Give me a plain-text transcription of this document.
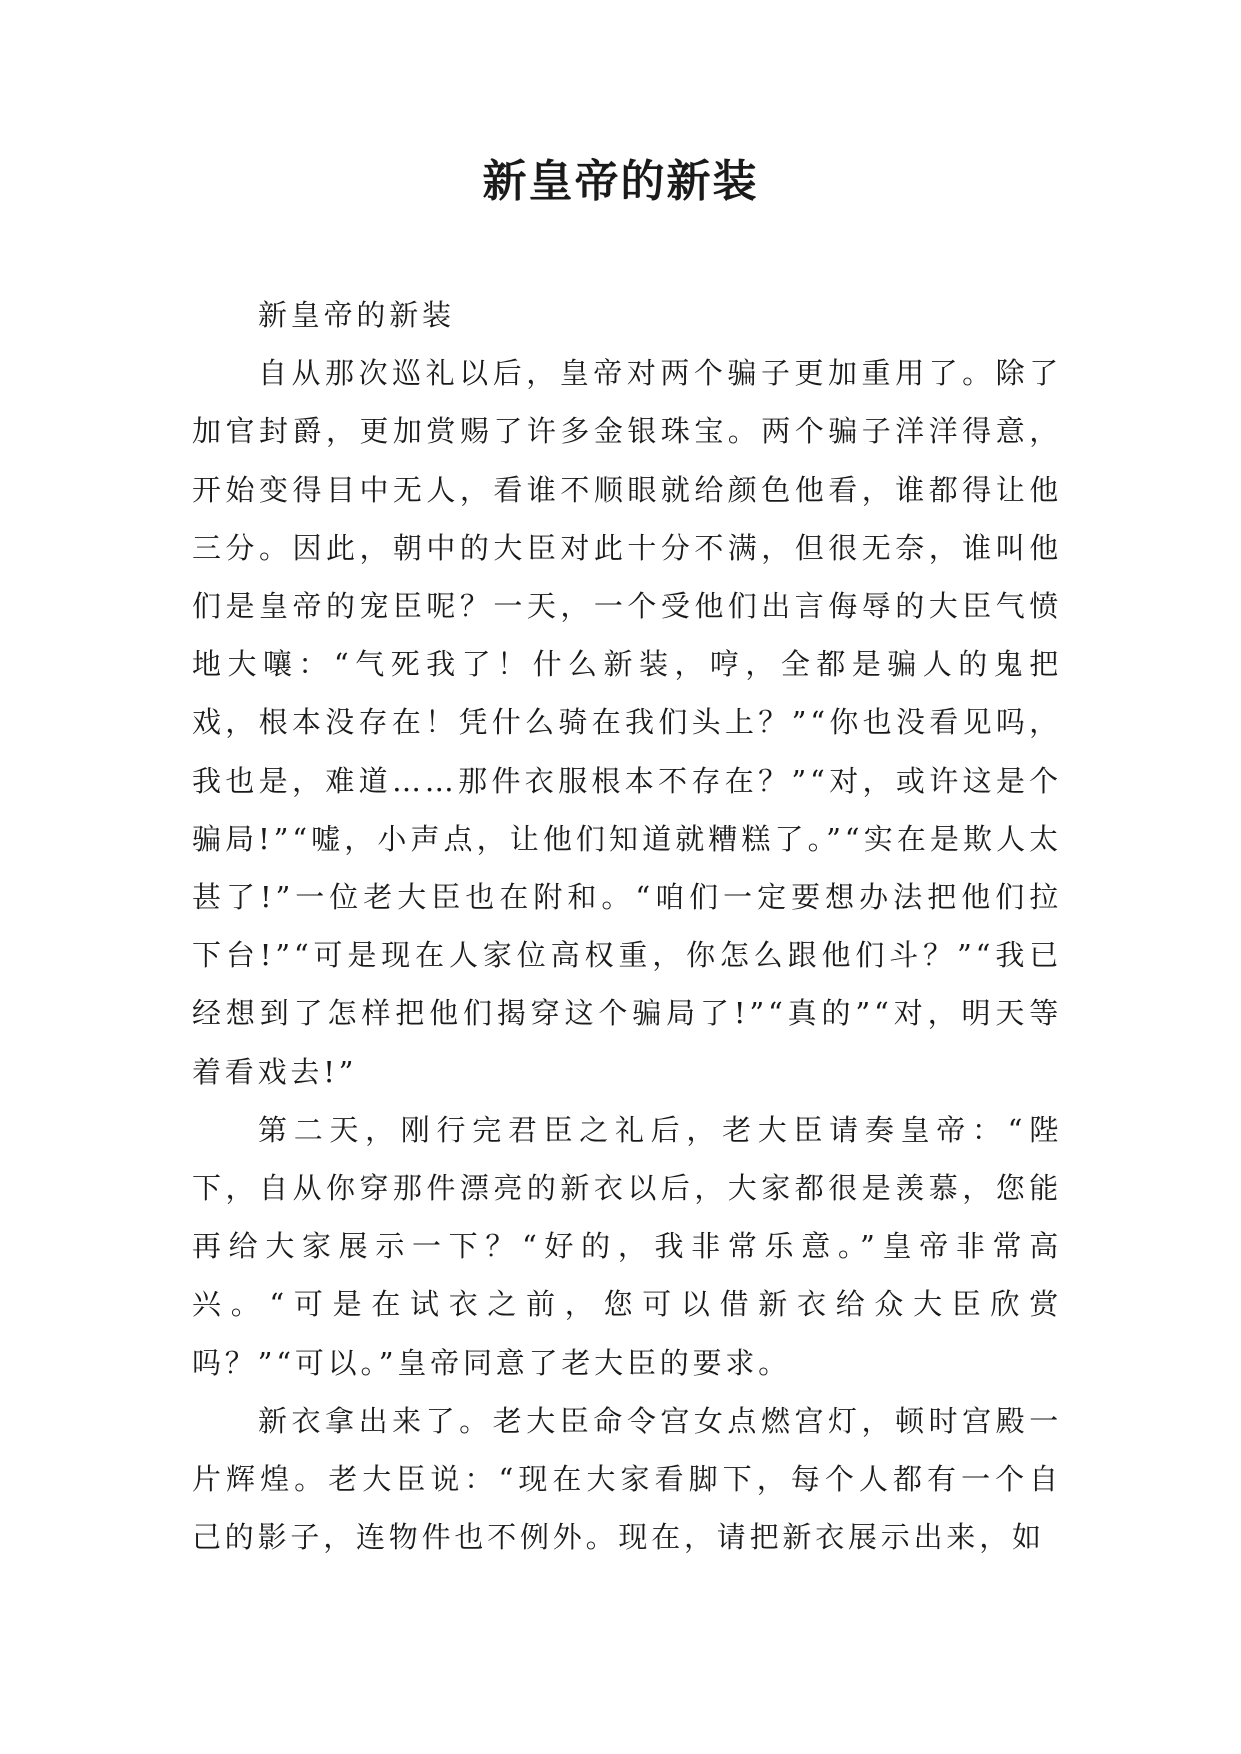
新皇帝的新装

新皇帝的新装

自从那次巡礼以后，皇帝对两个骗子更加重用了。除了加官封爵，更加赏赐了许多金银珠宝。两个骗子洋洋得意，开始变得目中无人，看谁不顺眼就给颜色他看，谁都得让他三分。因此，朝中的大臣对此十分不满，但很无奈，谁叫他们是皇帝的宠臣呢？一天，一个受他们出言侮辱的大臣气愤地大嚷：“气死我了！什么新装，哼，全都是骗人的鬼把戏，根本没存在！凭什么骑在我们头上？”“你也没看见吗，我也是，难道……那件衣服根本不存在？”“对，或许这是个骗局!”“嘘，小声点，让他们知道就糟糕了。”“实在是欺人太甚了!”一位老大臣也在附和。“咱们一定要想办法把他们拉下台!”“可是现在人家位高权重，你怎么跟他们斗？”“我已经想到了怎样把他们揭穿这个骗局了!”“真的”“对，明天等着看戏去!”

第二天，刚行完君臣之礼后，老大臣请奏皇帝：“陛下，自从你穿那件漂亮的新衣以后，大家都很是羡慕，您能再给大家展示一下？“好的，我非常乐意。”皇帝非常高兴。“可是在试衣之前，您可以借新衣给众大臣欣赏吗？”“可以。”皇帝同意了老大臣的要求。

新衣拿出来了。老大臣命令宫女点燃宫灯，顿时宫殿一片辉煌。老大臣说：“现在大家看脚下，每个人都有一个自己的影子，连物件也不例外。现在，请把新衣展示出来，如
